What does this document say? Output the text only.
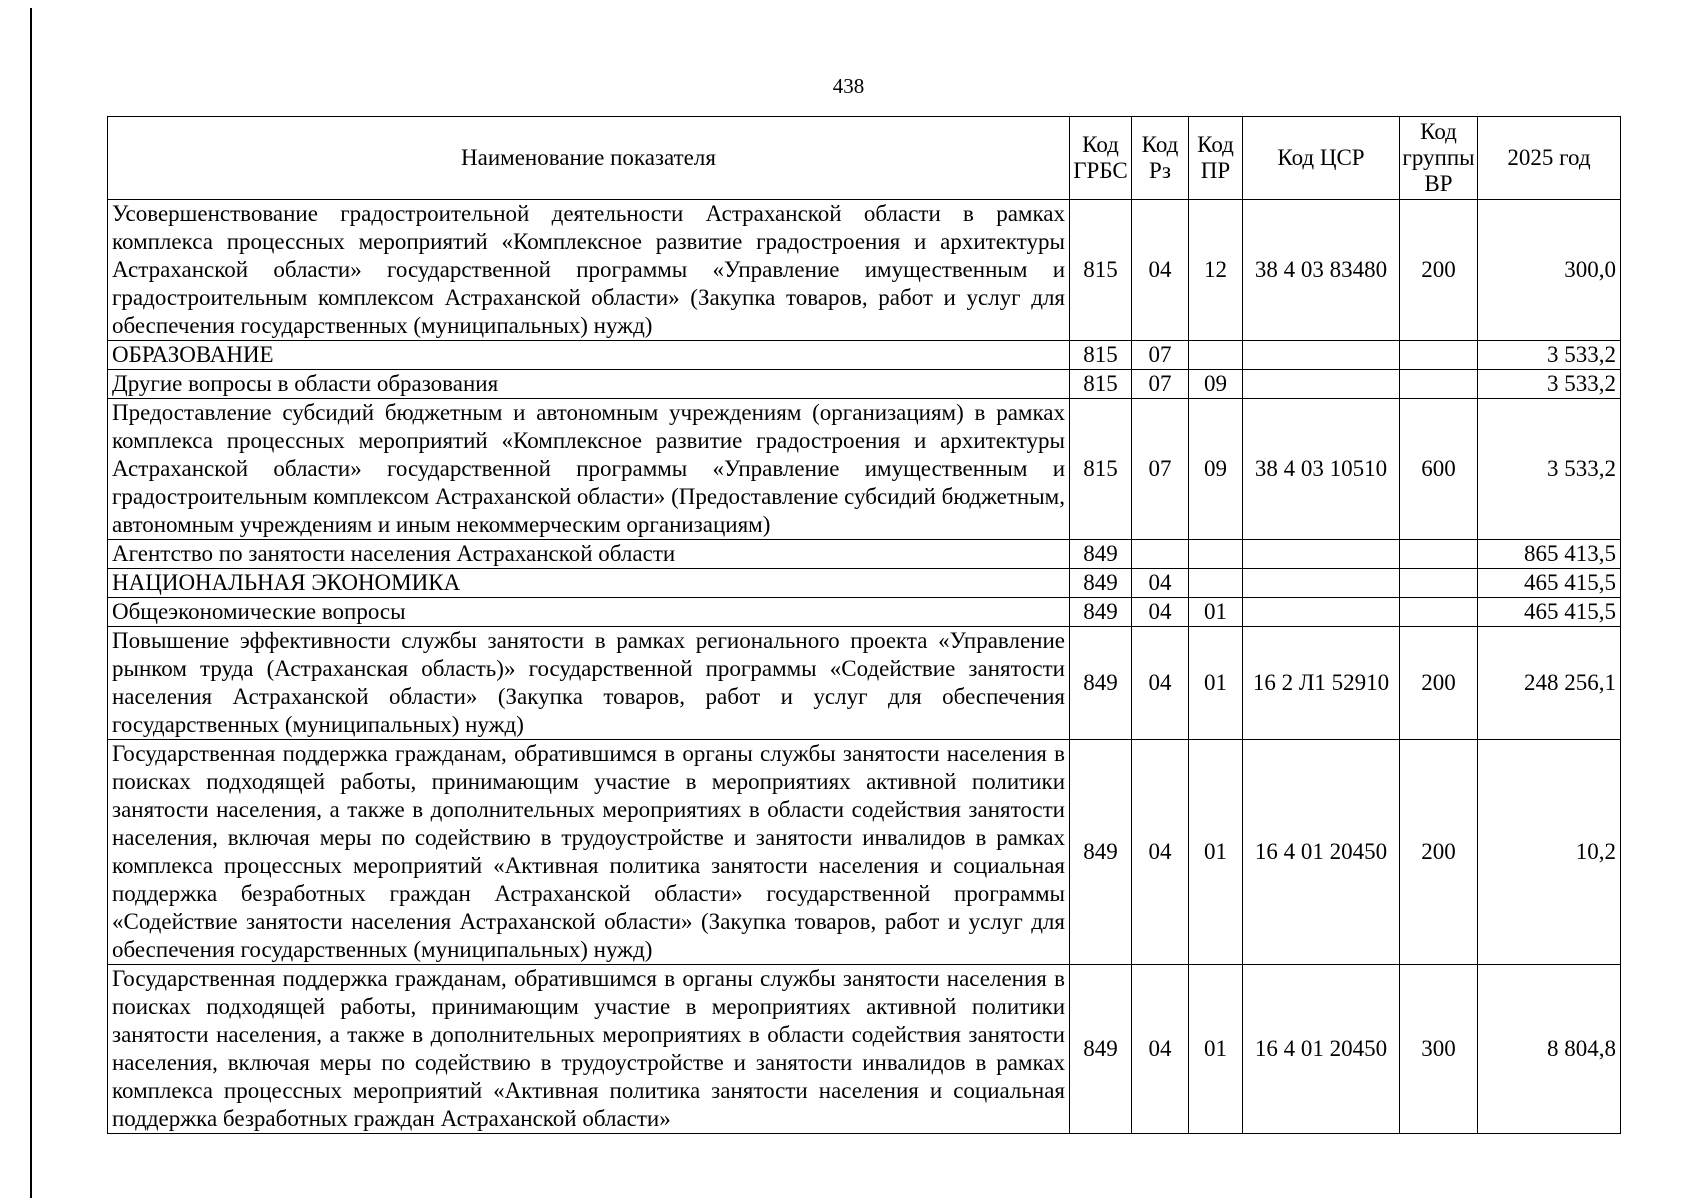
438
Наименование показателя	Код ГРБС	Код Рз	Код ПР	Код ЦСР	Код группы ВР	2025 год
Усовершенствование градостроительной деятельности Астраханской области в рамках комплекса процессных мероприятий «Комплексное развитие градостроения и архитектуры Астраханской области» государственной программы «Управление имущественным и градостроительным комплексом Астраханской области» (Закупка товаров, работ и услуг для обеспечения государственных (муниципальных) нужд)	815	04	12	38 4 03 83480	200	300,0
ОБРАЗОВАНИЕ	815	07				3 533,2
Другие вопросы в области образования	815	07	09			3 533,2
Предоставление субсидий бюджетным и автономным учреждениям (организациям) в рамках комплекса процессных мероприятий «Комплексное развитие градостроения и архитектуры Астраханской области» государственной программы «Управление имущественным и градостроительным комплексом Астраханской области» (Предоставление субсидий бюджетным, автономным учреждениям и иным некоммерческим организациям)	815	07	09	38 4 03 10510	600	3 533,2
Агентство по занятости населения Астраханской области	849					865 413,5
НАЦИОНАЛЬНАЯ ЭКОНОМИКА	849	04				465 415,5
Общеэкономические вопросы	849	04	01			465 415,5
Повышение эффективности службы занятости в рамках регионального проекта «Управление рынком труда (Астраханская область)» государственной программы «Содействие занятости населения Астраханской области» (Закупка товаров, работ и услуг для обеспечения государственных (муниципальных) нужд)	849	04	01	16 2 Л1 52910	200	248 256,1
Государственная поддержка гражданам, обратившимся в органы службы занятости населения в поисках подходящей работы, принимающим участие в мероприятиях активной политики занятости населения, а также в дополнительных мероприятиях в области содействия занятости населения, включая меры по содействию в трудоустройстве и занятости инвалидов в рамках комплекса процессных мероприятий «Активная политика занятости населения и социальная поддержка безработных граждан Астраханской области» государственной программы «Содействие занятости населения Астраханской области» (Закупка товаров, работ и услуг для обеспечения государственных (муниципальных) нужд)	849	04	01	16 4 01 20450	200	10,2
Государственная поддержка гражданам, обратившимся в органы службы занятости населения в поисках подходящей работы, принимающим участие в мероприятиях активной политики занятости населения, а также в дополнительных мероприятиях в области содействия занятости населения, включая меры по содействию в трудоустройстве и занятости инвалидов в рамках комплекса процессных мероприятий «Активная политика занятости населения и социальная поддержка безработных граждан Астраханской области»	849	04	01	16 4 01 20450	300	8 804,8
